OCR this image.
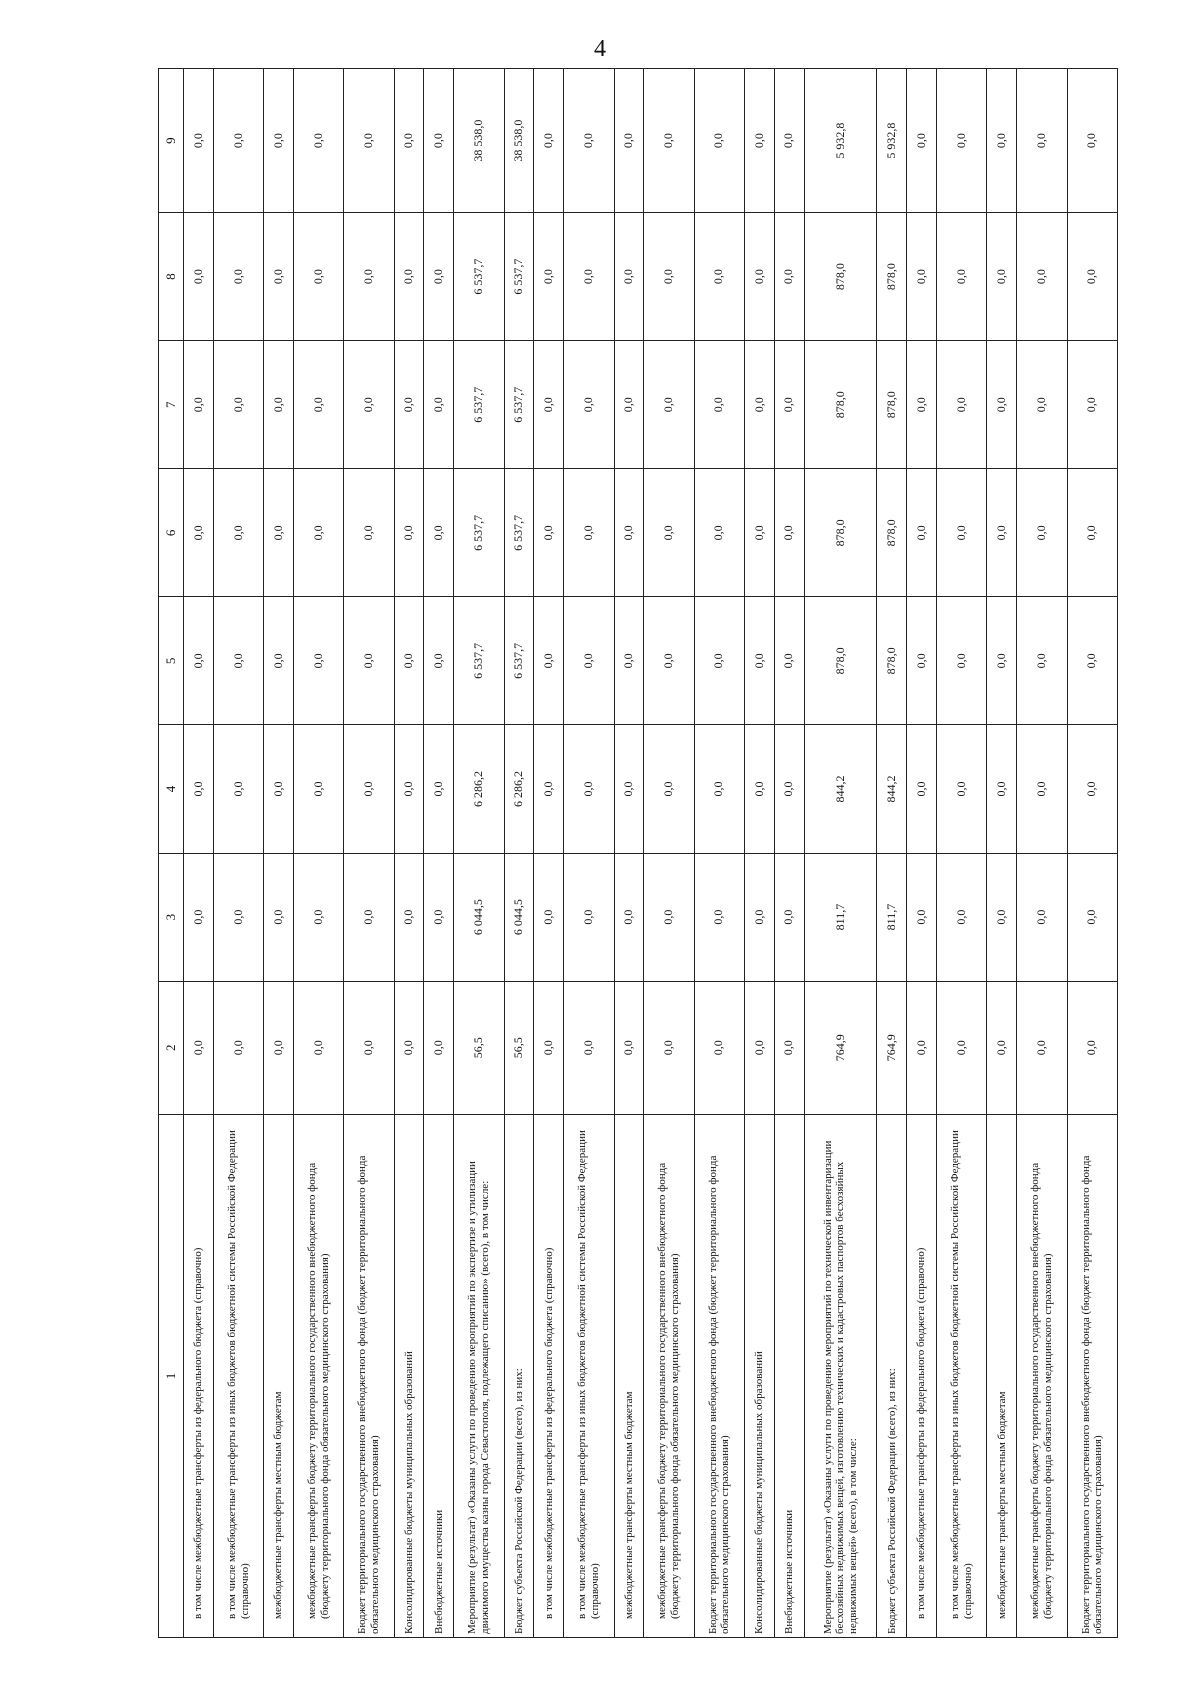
4
1	2	3	4	5	6	7	8	9
в том числе межбюджетные трансферты из федерального бюджета (справочно)	0,0	0,0	0,0	0,0	0,0	0,0	0,0	0,0
в том числе межбюджетные трансферты из иных бюджетов бюджетной системы Российской Федерации (справочно)	0,0	0,0	0,0	0,0	0,0	0,0	0,0	0,0
межбюджетные трансферты местным бюджетам	0,0	0,0	0,0	0,0	0,0	0,0	0,0	0,0
межбюджетные трансферты бюджету территориального государственного внебюджетного фонда (бюджету территориального фонда обязательного медицинского страхования)	0,0	0,0	0,0	0,0	0,0	0,0	0,0	0,0
Бюджет территориального государственного внебюджетного фонда (бюджет территориального фонда обязательного медицинского страхования)	0,0	0,0	0,0	0,0	0,0	0,0	0,0	0,0
Консолидированные бюджеты муниципальных образований	0,0	0,0	0,0	0,0	0,0	0,0	0,0	0,0
Внебюджетные источники	0,0	0,0	0,0	0,0	0,0	0,0	0,0	0,0
Мероприятие (результат) «Оказаны услуги по проведению мероприятий по экспертизе и утилизации движимого имущества казны города Севастополя, подлежащего списанию» (всего), в том числе:	56,5	6 044,5	6 286,2	6 537,7	6 537,7	6 537,7	6 537,7	38 538,0
Бюджет субъекта Российской Федерации (всего), из них:	56,5	6 044,5	6 286,2	6 537,7	6 537,7	6 537,7	6 537,7	38 538,0
в том числе межбюджетные трансферты из федерального бюджета (справочно)	0,0	0,0	0,0	0,0	0,0	0,0	0,0	0,0
в том числе межбюджетные трансферты из иных бюджетов бюджетной системы Российской Федерации (справочно)	0,0	0,0	0,0	0,0	0,0	0,0	0,0	0,0
межбюджетные трансферты местным бюджетам	0,0	0,0	0,0	0,0	0,0	0,0	0,0	0,0
межбюджетные трансферты бюджету территориального государственного внебюджетного фонда (бюджету территориального фонда обязательного медицинского страхования)	0,0	0,0	0,0	0,0	0,0	0,0	0,0	0,0
Бюджет территориального государственного внебюджетного фонда (бюджет территориального фонда обязательного медицинского страхования)	0,0	0,0	0,0	0,0	0,0	0,0	0,0	0,0
Консолидированные бюджеты муниципальных образований	0,0	0,0	0,0	0,0	0,0	0,0	0,0	0,0
Внебюджетные источники	0,0	0,0	0,0	0,0	0,0	0,0	0,0	0,0
Мероприятие (результат) «Оказаны услуги по проведению мероприятий по технической инвентаризации бесхозяйных недвижимых вещей, изготовлению технических и кадастровых паспортов бесхозяйных недвижимых вещей» (всего), в том числе:	764,9	811,7	844,2	878,0	878,0	878,0	878,0	5 932,8
Бюджет субъекта Российской Федерации (всего), из них:	764,9	811,7	844,2	878,0	878,0	878,0	878,0	5 932,8
в том числе межбюджетные трансферты из федерального бюджета (справочно)	0,0	0,0	0,0	0,0	0,0	0,0	0,0	0,0
в том числе межбюджетные трансферты из иных бюджетов бюджетной системы Российской Федерации (справочно)	0,0	0,0	0,0	0,0	0,0	0,0	0,0	0,0
межбюджетные трансферты местным бюджетам	0,0	0,0	0,0	0,0	0,0	0,0	0,0	0,0
межбюджетные трансферты бюджету территориального государственного внебюджетного фонда (бюджету территориального фонда обязательного медицинского страхования)	0,0	0,0	0,0	0,0	0,0	0,0	0,0	0,0
Бюджет территориального государственного внебюджетного фонда (бюджет территориального фонда обязательного медицинского страхования)	0,0	0,0	0,0	0,0	0,0	0,0	0,0	0,0
